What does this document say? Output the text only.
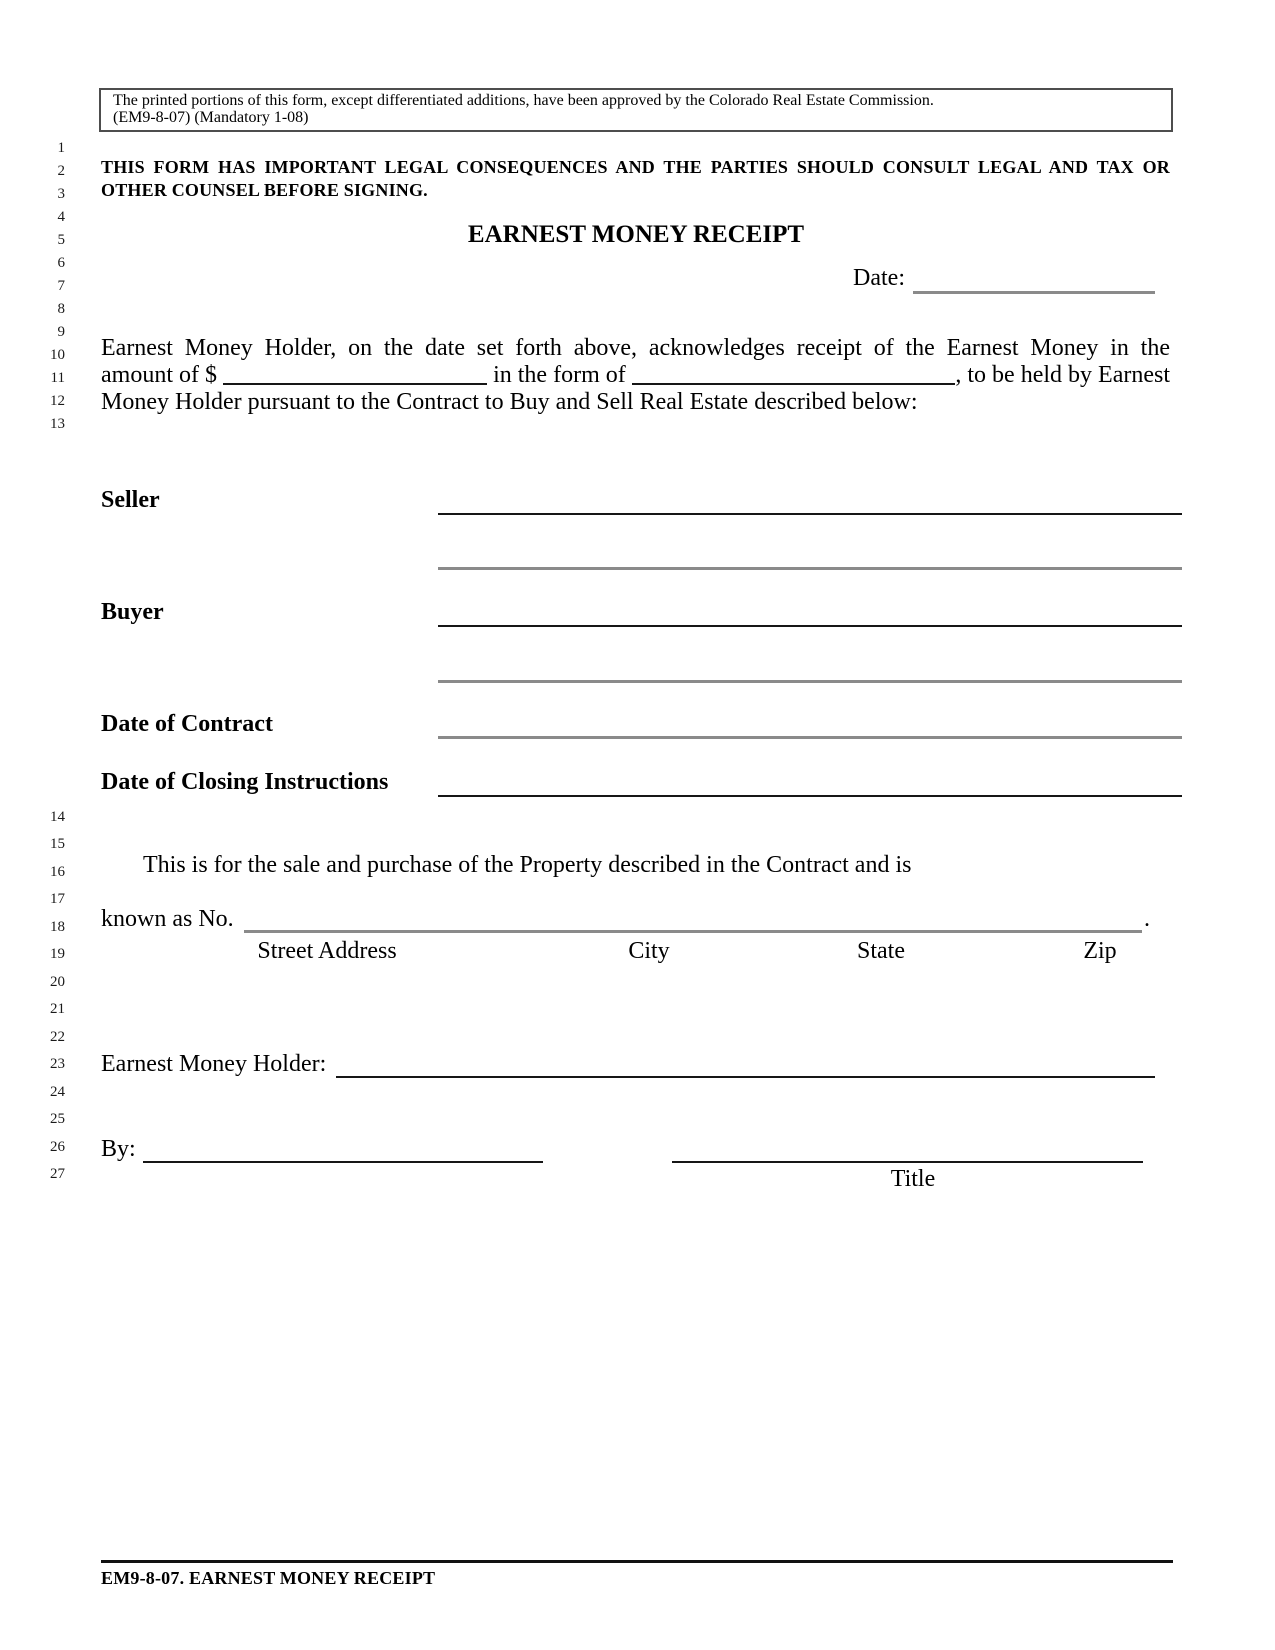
The printed portions of this form, except differentiated additions, have been approved by the Colorado Real Estate Commission.
(EM9-8-07) (Mandatory 1-08)
1
2
3
4
5
6
7
8
9
10
11
12
13
14
15
16
17
18
19
20
21
22
23
24
25
26
27
THIS FORM HAS IMPORTANT LEGAL CONSEQUENCES AND THE PARTIES SHOULD CONSULT LEGAL AND TAX OR
OTHER COUNSEL BEFORE SIGNING.
EARNEST MONEY RECEIPT
Date:
Earnest Money Holder, on the date set forth above, acknowledges receipt of the Earnest Money in the
amount of $	in the form of	, to be held by Earnest
Money Holder pursuant to the Contract to Buy and Sell Real Estate described below:
Seller
Buyer
Date of Contract
Date of Closing Instructions
This is for the sale and purchase of the Property described in the Contract and is
known as No.	.
Street Address	City	State	Zip
Earnest Money Holder:
By:
Title
EM9-8-07. EARNEST MONEY RECEIPT
